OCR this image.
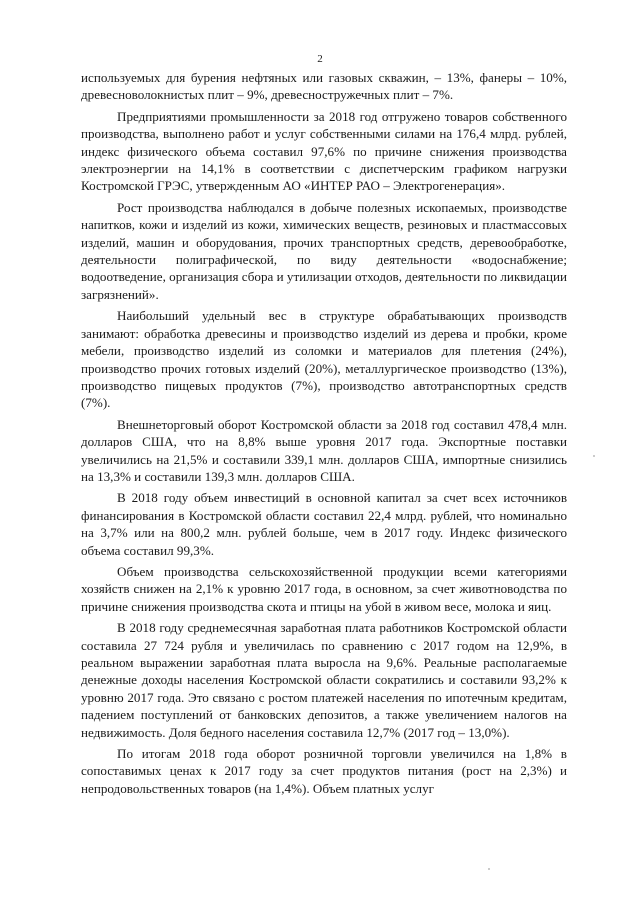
2

используемых для бурения нефтяных или газовых скважин, – 13%, фанеры – 10%, древесноволокнистых плит – 9%, древесностружечных плит – 7%.

Предприятиями промышленности за 2018 год отгружено товаров собственного производства, выполнено работ и услуг собственными силами на 176,4 млрд. рублей, индекс физического объема составил 97,6% по причине снижения производства электроэнергии на 14,1% в соответствии с диспетчерским графиком нагрузки Костромской ГРЭС, утвержденным АО «ИНТЕР РАО – Электрогенерация».

Рост производства наблюдался в добыче полезных ископаемых, производстве напитков, кожи и изделий из кожи, химических веществ, резиновых и пластмассовых изделий, машин и оборудования, прочих транспортных средств, деревообработке, деятельности полиграфической, по виду деятельности «водоснабжение; водоотведение, организация сбора и утилизации отходов, деятельности по ликвидации загрязнений».

Наибольший удельный вес в структуре обрабатывающих производств занимают: обработка древесины и производство изделий из дерева и пробки, кроме мебели, производство изделий из соломки и материалов для плетения (24%), производство прочих готовых изделий (20%), металлургическое производство (13%), производство пищевых продуктов (7%), производство автотранспортных средств (7%).

Внешнеторговый оборот Костромской области за 2018 год составил 478,4 млн. долларов США, что на 8,8% выше уровня 2017 года. Экспортные поставки увеличились на 21,5% и составили 339,1 млн. долларов США, импортные снизились на 13,3% и составили 139,3 млн. долларов США.

В 2018 году объем инвестиций в основной капитал за счет всех источников финансирования в Костромской области составил 22,4 млрд. рублей, что номинально на 3,7% или на 800,2 млн. рублей больше, чем в 2017 году. Индекс физического объема составил 99,3%.

Объем производства сельскохозяйственной продукции всеми категориями хозяйств снижен на 2,1% к уровню 2017 года, в основном, за счет животноводства по причине снижения производства скота и птицы на убой в живом весе, молока и яиц.

В 2018 году среднемесячная заработная плата работников Костромской области составила 27 724 рубля и увеличилась по сравнению с 2017 годом на 12,9%, в реальном выражении заработная плата выросла на 9,6%. Реальные располагаемые денежные доходы населения Костромской области сократились и составили 93,2% к уровню 2017 года. Это связано с ростом платежей населения по ипотечным кредитам, падением поступлений от банковских депозитов, а также увеличением налогов на недвижимость. Доля бедного населения составила 12,7% (2017 год – 13,0%).

По итогам 2018 года оборот розничной торговли увеличился на 1,8% в сопоставимых ценах к 2017 году за счет продуктов питания (рост на 2,3%) и непродовольственных товаров (на 1,4%). Объем платных услуг
